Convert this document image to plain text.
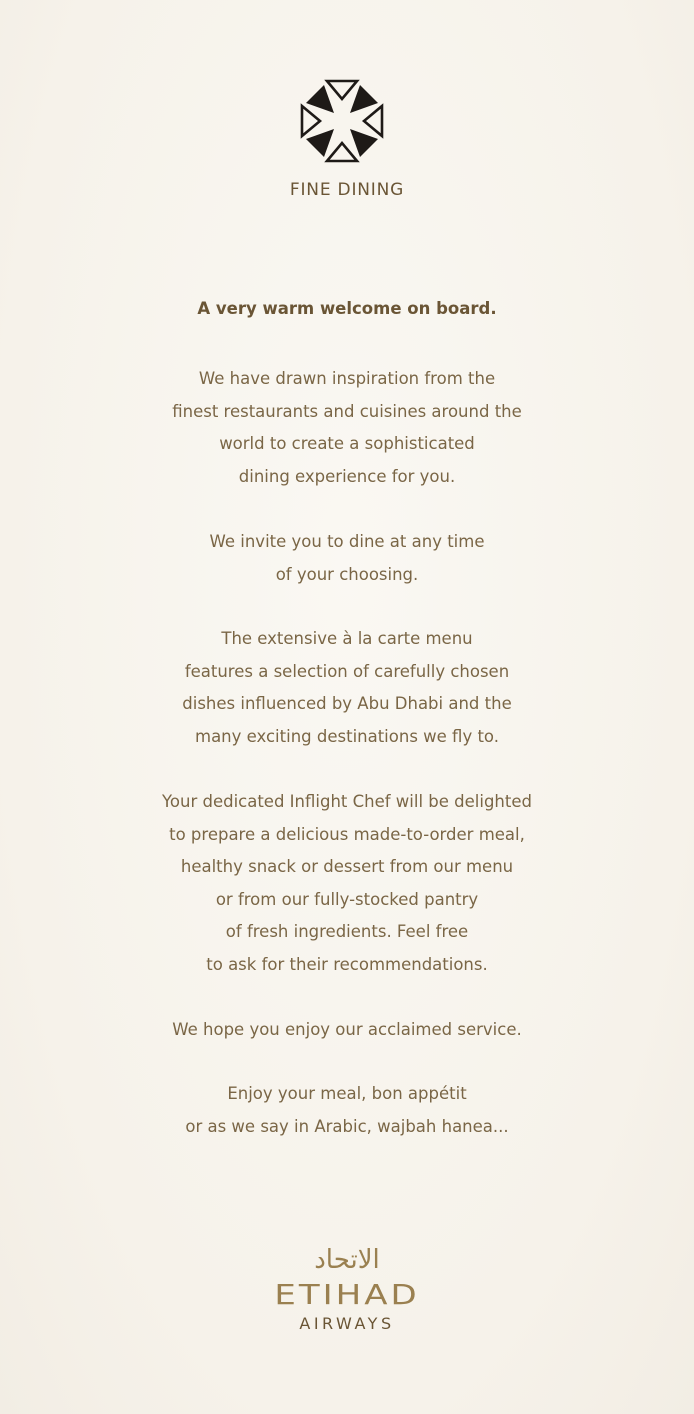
FINE DINING
A very warm welcome on board.
We have drawn inspiration from the
finest restaurants and cuisines around the
world to create a sophisticated
dining experience for you.
We invite you to dine at any time
of your choosing.
The extensive à la carte menu
features a selection of carefully chosen
dishes influenced by Abu Dhabi and the
many exciting destinations we fly to.
Your dedicated Inflight Chef will be delighted
to prepare a delicious made-to-order meal,
healthy snack or dessert from our menu
or from our fully-stocked pantry
of fresh ingredients. Feel free
to ask for their recommendations.
We hope you enjoy our acclaimed service.
Enjoy your meal, bon appétit
or as we say in Arabic, wajbah hanea...
الاتحاد
ETIHAD
AIRWAYS
